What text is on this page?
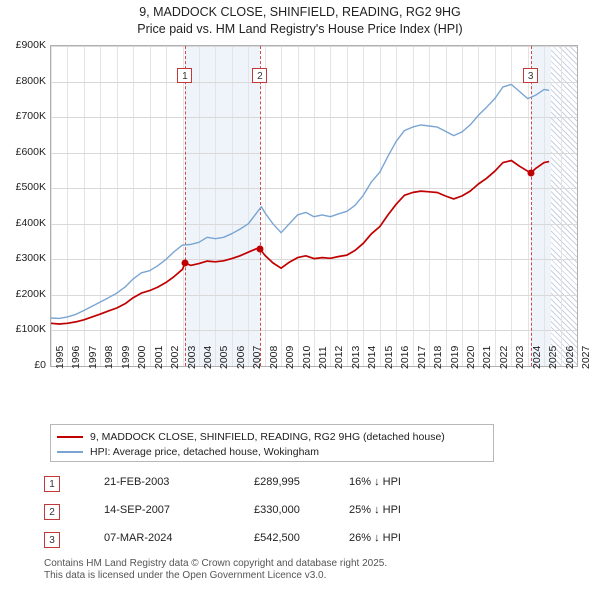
9, MADDOCK CLOSE, SHINFIELD, READING, RG2 9HG
Price paid vs. HM Land Registry's House Price Index (HPI)
1	2	3
£0
£100K
£200K
£300K
£400K
£500K
£600K
£700K
£800K
£900K
1995 1996 1997 1998 1999 2000 2001 2002 2003 2004 2005 2006 2007 2008 2009 2010 2011 2012 2013 2014 2015 2016 2017 2018 2019 2020 2021 2022 2023 2024 2025 2026 2027
9, MADDOCK CLOSE, SHINFIELD, READING, RG2 9HG (detached house)
HPI: Average price, detached house, Wokingham
1	21-FEB-2003	£289,995	16% ↓ HPI
2	14-SEP-2007	£330,000	25% ↓ HPI
3	07-MAR-2024	£542,500	26% ↓ HPI
Contains HM Land Registry data © Crown copyright and database right 2025.
This data is licensed under the Open Government Licence v3.0.
